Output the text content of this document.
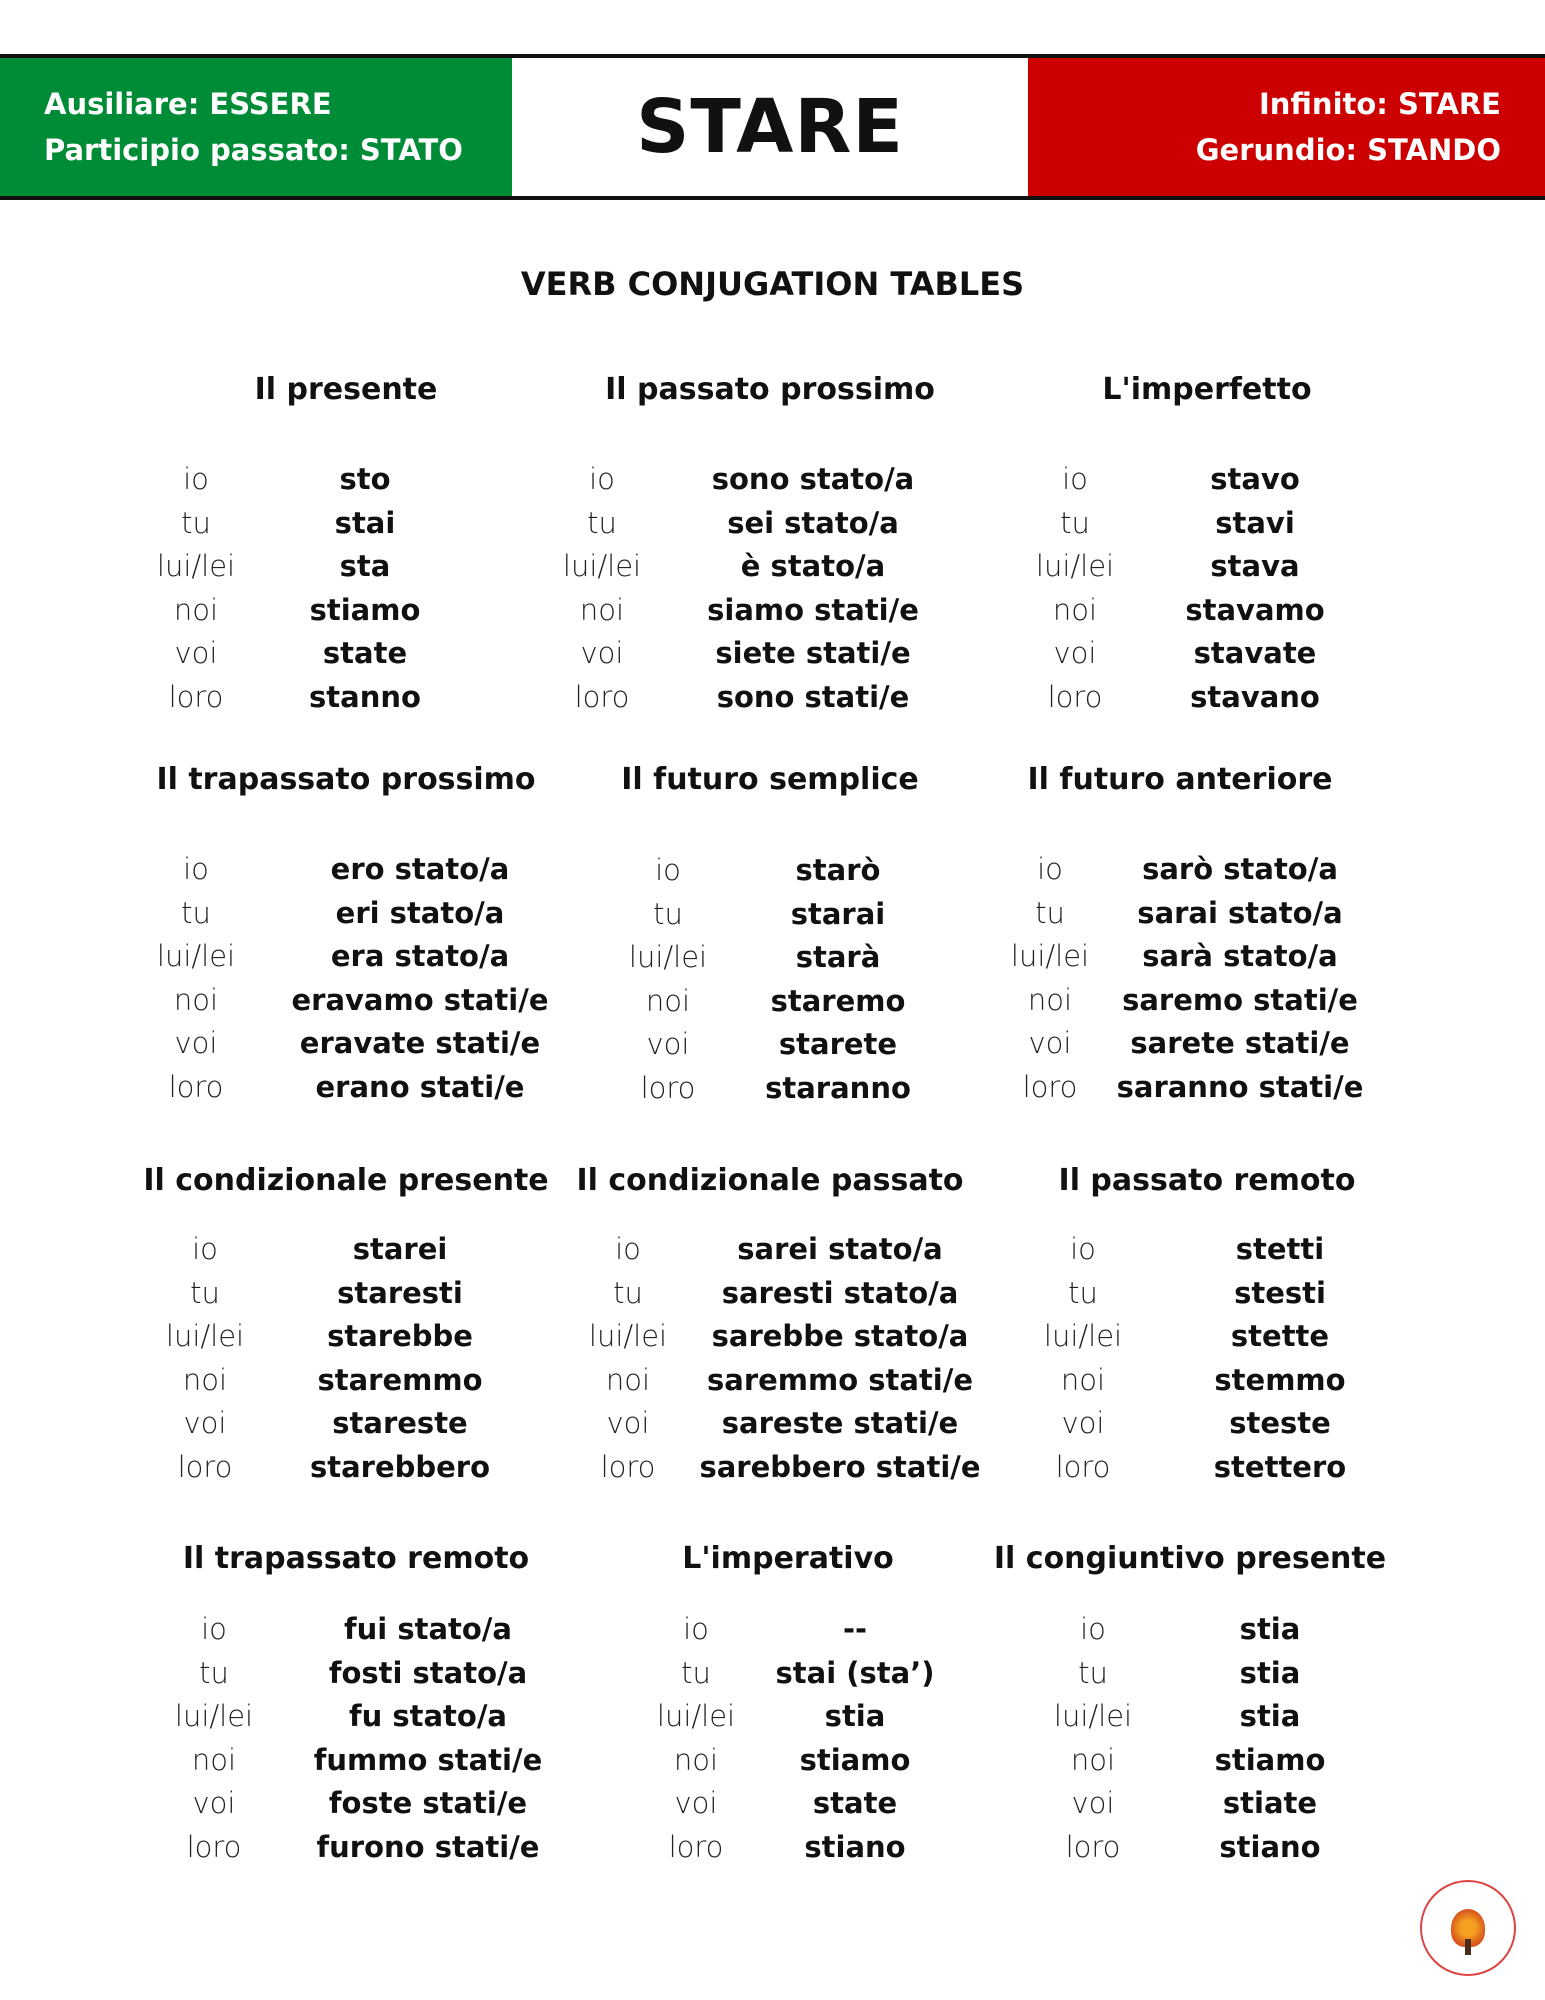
Ausiliare: ESSERE
Participio passato: STATO	STARE	Infinito: STARE
Gerundio: STANDO
VERB CONJUGATION TABLES
Il presente
io	sto
tu	stai
lui/lei	sta
noi	stiamo
voi	state
loro	stanno
Il passato prossimo
io	sono stato/a
tu	sei stato/a
lui/lei	è stato/a
noi	siamo stati/e
voi	siete stati/e
loro	sono stati/e
L'imperfetto
io	stavo
tu	stavi
lui/lei	stava
noi	stavamo
voi	stavate
loro	stavano
Il trapassato prossimo
io	ero stato/a
tu	eri stato/a
lui/lei	era stato/a
noi	eravamo stati/e
voi	eravate stati/e
loro	erano stati/e
Il futuro semplice
io	starò
tu	starai
lui/lei	starà
noi	staremo
voi	starete
loro staranno
Il futuro anteriore
io	sarò stato/a
tu sarai stato/a
lui/lei sarà stato/a
noi saremo stati/e
voi sarete stati/e
loro saranno stati/e
Il condizionale presente
io	starei
tu	staresti
lui/lei	starebbe
noi	staremmo
voi	stareste
loro	starebbero
Il condizionale passato
io	sarei stato/a
tu	saresti stato/a
lui/lei sarebbe stato/a
noi saremmo stati/e
voi sareste stati/e
loro sarebbero stati/e
Il passato remoto
io	stetti
tu	stesti
lui/lei	stette
noi	stemmo
voi	steste
loro	stettero
Il trapassato remoto
io	fui stato/a
tu	fosti stato/a
lui/lei	fu stato/a
noi	fummo stati/e
voi	foste stati/e
loro	furono stati/e
L'imperativo
io	--
tu stai (sta’)
lui/lei	stia
noi	stiamo
voi	state
loro	stiano
Il congiuntivo presente
io	stia
tu	stia
lui/lei	stia
noi	stiamo
voi	stiate
loro	stiano
